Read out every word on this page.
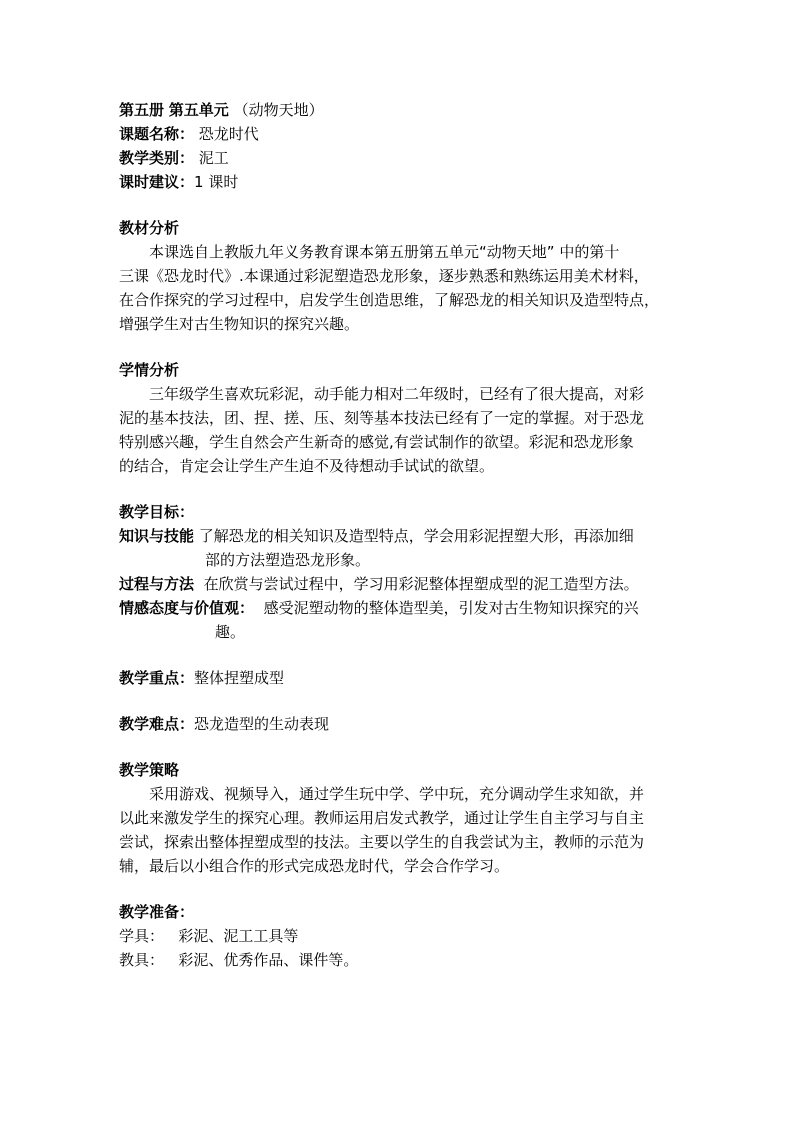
第五册 第五单元 （动物天地）
课题名称： 恐龙时代
教学类别： 泥工
课时建议：1 课时
教材分析
本课选自上教版九年义务教育课本第五册第五单元“动物天地” 中的第十
三课《恐龙时代》.本课通过彩泥塑造恐龙形象，逐步熟悉和熟练运用美术材料，
在合作探究的学习过程中，启发学生创造思维，了解恐龙的相关知识及造型特点，
增强学生对古生物知识的探究兴趣。
学情分析
三年级学生喜欢玩彩泥，动手能力相对二年级时，已经有了很大提高，对彩
泥的基本技法，团、捏、搓、压、刻等基本技法已经有了一定的掌握。对于恐龙
特别感兴趣，学生自然会产生新奇的感觉,有尝试制作的欲望。彩泥和恐龙形象
的结合，肯定会让学生产生迫不及待想动手试试的欲望。
教学目标：
知识与技能 了解恐龙的相关知识及造型特点，学会用彩泥捏塑大形，再添加细
部的方法塑造恐龙形象。
过程与方法 在欣赏与尝试过程中，学习用彩泥整体捏塑成型的泥工造型方法。
情感态度与价值观： 感受泥塑动物的整体造型美，引发对古生物知识探究的兴
趣。
教学重点：整体捏塑成型
教学难点：恐龙造型的生动表现
教学策略
采用游戏、视频导入，通过学生玩中学、学中玩，充分调动学生求知欲，并
以此来激发学生的探究心理。教师运用启发式教学，通过让学生自主学习与自主
尝试，探索出整体捏塑成型的技法。主要以学生的自我尝试为主，教师的示范为
辅，最后以小组合作的形式完成恐龙时代，学会合作学习。
教学准备：
学具： 彩泥、泥工工具等
教具： 彩泥、优秀作品、课件等。
